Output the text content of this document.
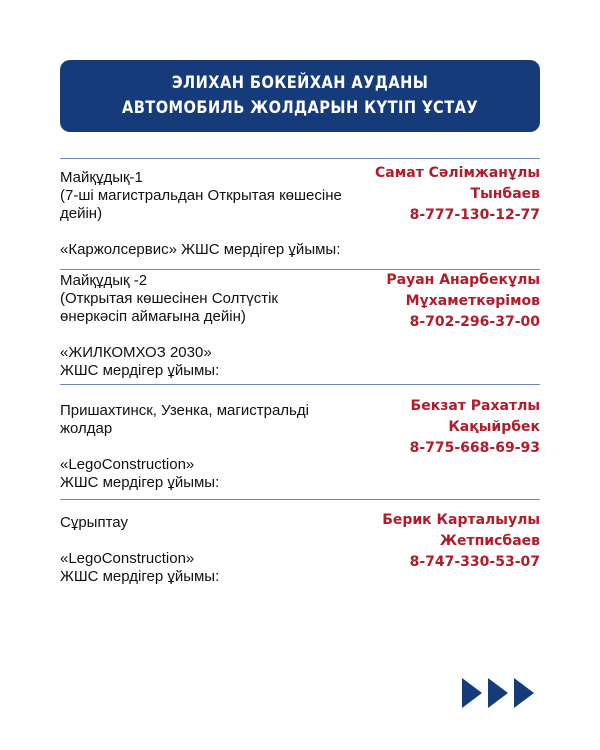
ЭЛИХАН БОКЕЙХАН АУДАНЫ
АВТОМОБИЛЬ ЖОЛДАРЫН КҮТІП ҰСТАУ
Майқұдық-1
(7-ші магистральдан Открытая көшесіне
дейін)
«Каржолсервис» ЖШС мердігер ұйымы:
Самат Сәлімжанұлы
Тынбаев
8-777-130-12-77
Майқұдық -2
(Открытая көшесінен Солтүстік
өнеркәсіп аймағына дейін)
«ЖИЛКОМХОЗ 2030»
ЖШС мердігер ұйымы:
Рауан Анарбекұлы
Мұхаметкәрімов
8-702-296-37-00
Пришахтинск, Узенка, магистральді
жолдар
«LegoConstruction»
ЖШС мердігер ұйымы:
Бекзат Рахатлы
Кақыйрбек
8-775-668-69-93
Сұрыптау
«LegoConstruction»
ЖШС мердігер ұйымы:
Берик Карталыулы
Жетписбаев
8-747-330-53-07
